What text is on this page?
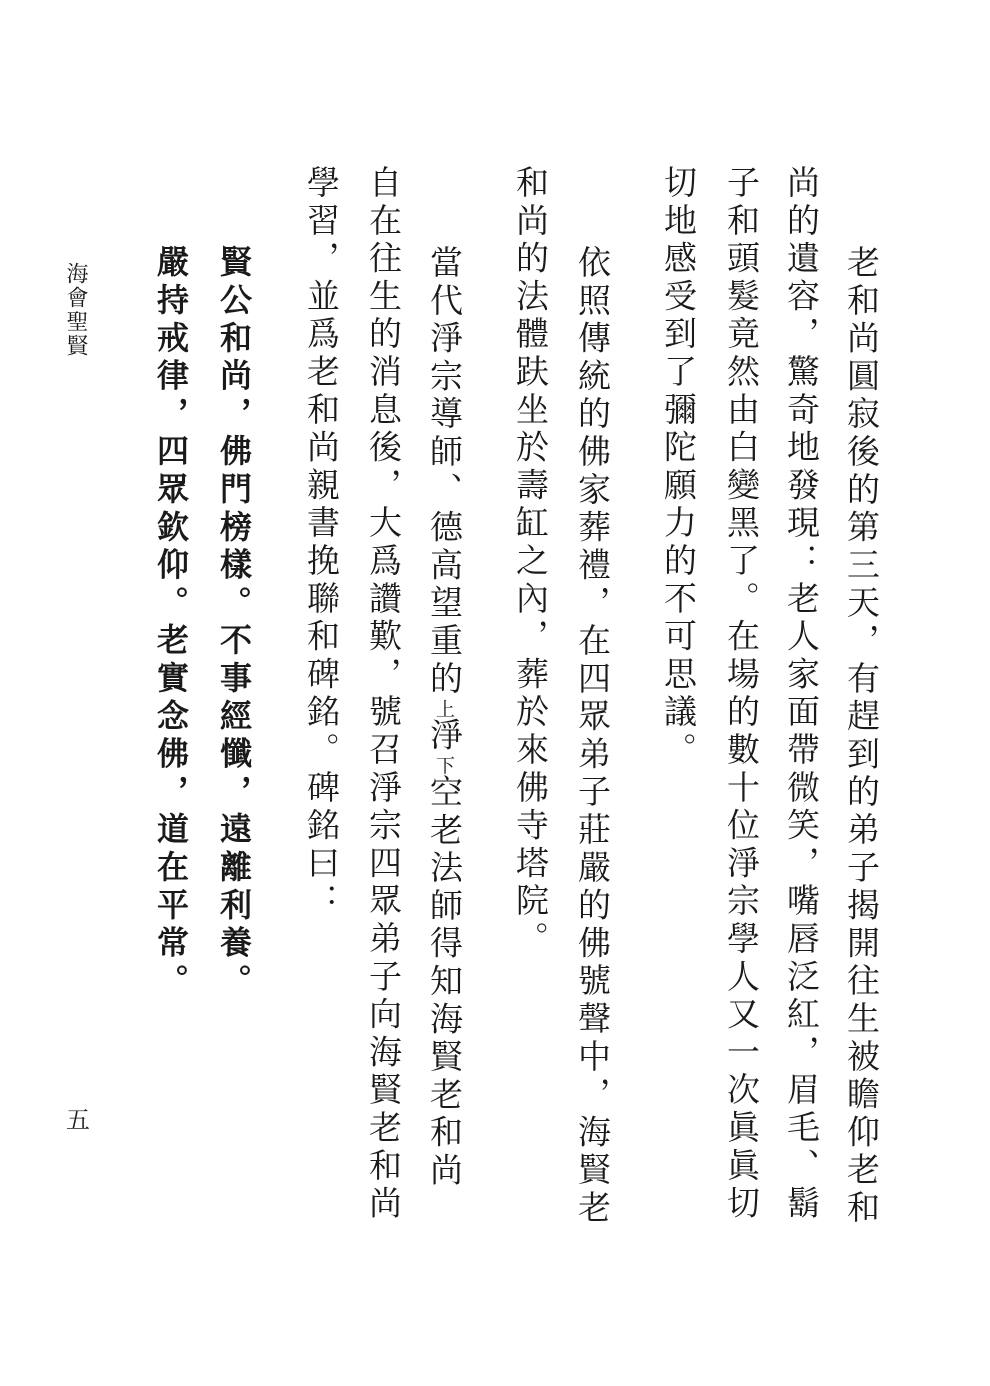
老和尚圓寂後的第三天，有趕到的弟子揭開往生被瞻仰老和
尚的遺容，驚奇地發現：老人家面帶微笑，嘴唇泛紅，眉毛、鬍
子和頭髮竟然由白變黑了。在場的數十位淨宗學人又一次眞眞切
切地感受到了彌陀願力的不可思議。
依照傳統的佛家葬禮，在四眾弟子莊嚴的佛號聲中，海賢老
和尚的法體趺坐於壽缸之內，葬於來佛寺塔院。
當代淨宗導師、德高望重的上淨下空老法師得知海賢老和尚
自在往生的消息後，大爲讚歎，號召淨宗四眾弟子向海賢老和尚
學習，並爲老和尚親書挽聯和碑銘。碑銘曰：
賢公和尚，佛門榜樣。不事經懺，遠離利養。
嚴持戒律，四眾欽仰。老實念佛，道在平常。
海會聖賢
五
